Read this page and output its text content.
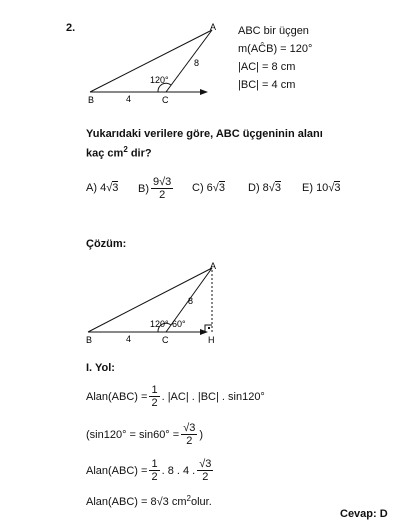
2.	A
B	C
8
4
120°
ABC bir üçgen
m(AĈB) = 120°
|AC| = 8 cm
|BC| = 4 cm
Yukarıdaki verilere göre, ABC üçgeninin alanı
kaç $cm^2$ dir?
A) 4√3 $B) \frac{9√3}{2} C$) 6√3 D) 8√3 E) 10√3
Çözüm:
A
B	C	H
8
4
120° 60°
I. Yol:
Alan(ABC) = $\frac{1}{2}$ . |AC| . |BC| . sin120°
($\sin 120^\circ = \sin 60^\circ = \frac{√3}{2}$ )
Alan(ABC) = $\frac{1}{2}$ . 8 . 4 . $\frac{√3}{2}$
Alan(ABC) = 8√3 $cm^2$ olur.
Cevap: D
